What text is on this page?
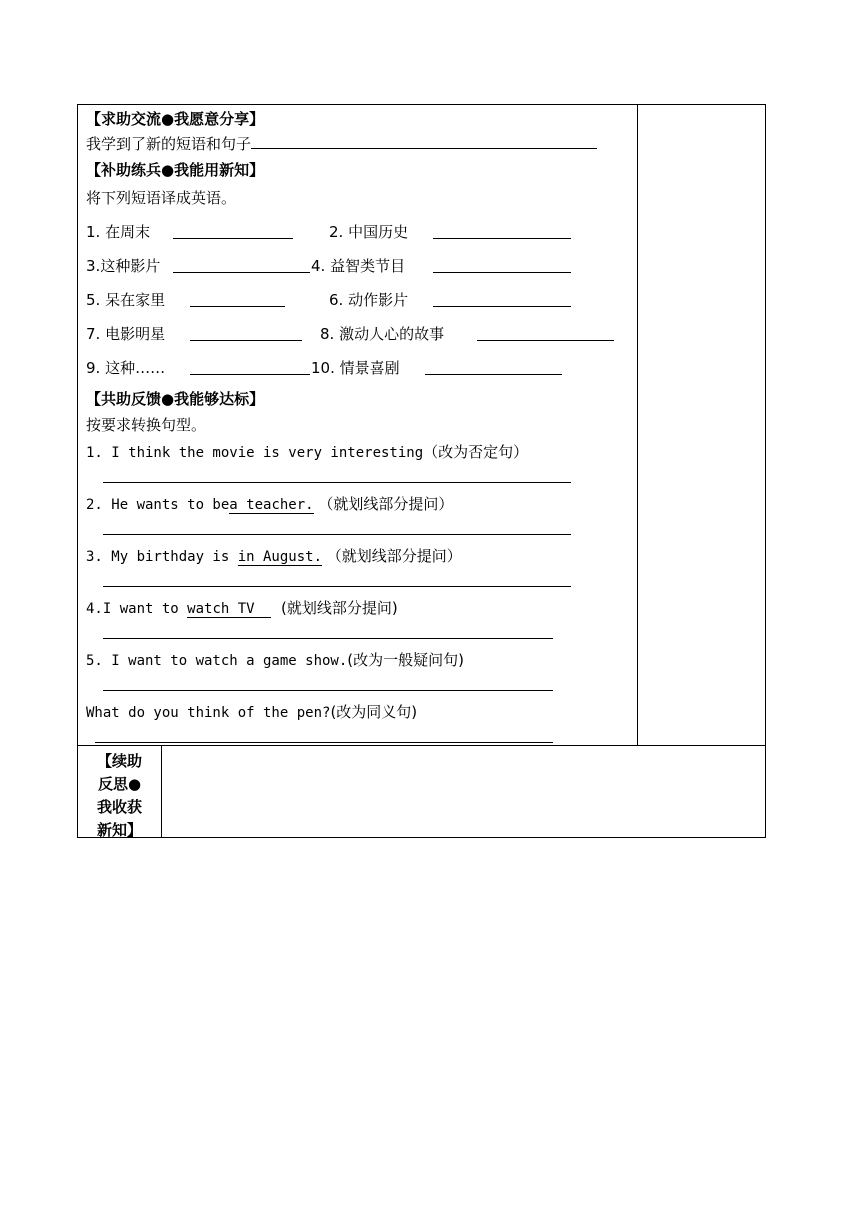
【求助交流●我愿意分享】
我学到了新的短语和句子
【补助练兵●我能用新知】
将下列短语译成英语。
1. 在周末	2. 中国历史
3.这种影片	4. 益智类节目
5. 呆在家里	6. 动作影片
7. 电影明星	8. 激动人心的故事
9. 这种……	10. 情景喜剧
【共助反馈●我能够达标】
按要求转换句型。
1. I think the movie is very interesting（改为否定句）
2. He wants to bea teacher. （就划线部分提问）
3. My birthday is in August. （就划线部分提问）
4.I want to watch TV    (就划线部分提问)
5. I want to watch a game show.(改为一般疑问句)
What do you think of the pen?(改为同义句)
【续助
反思●
我收获
新知】
